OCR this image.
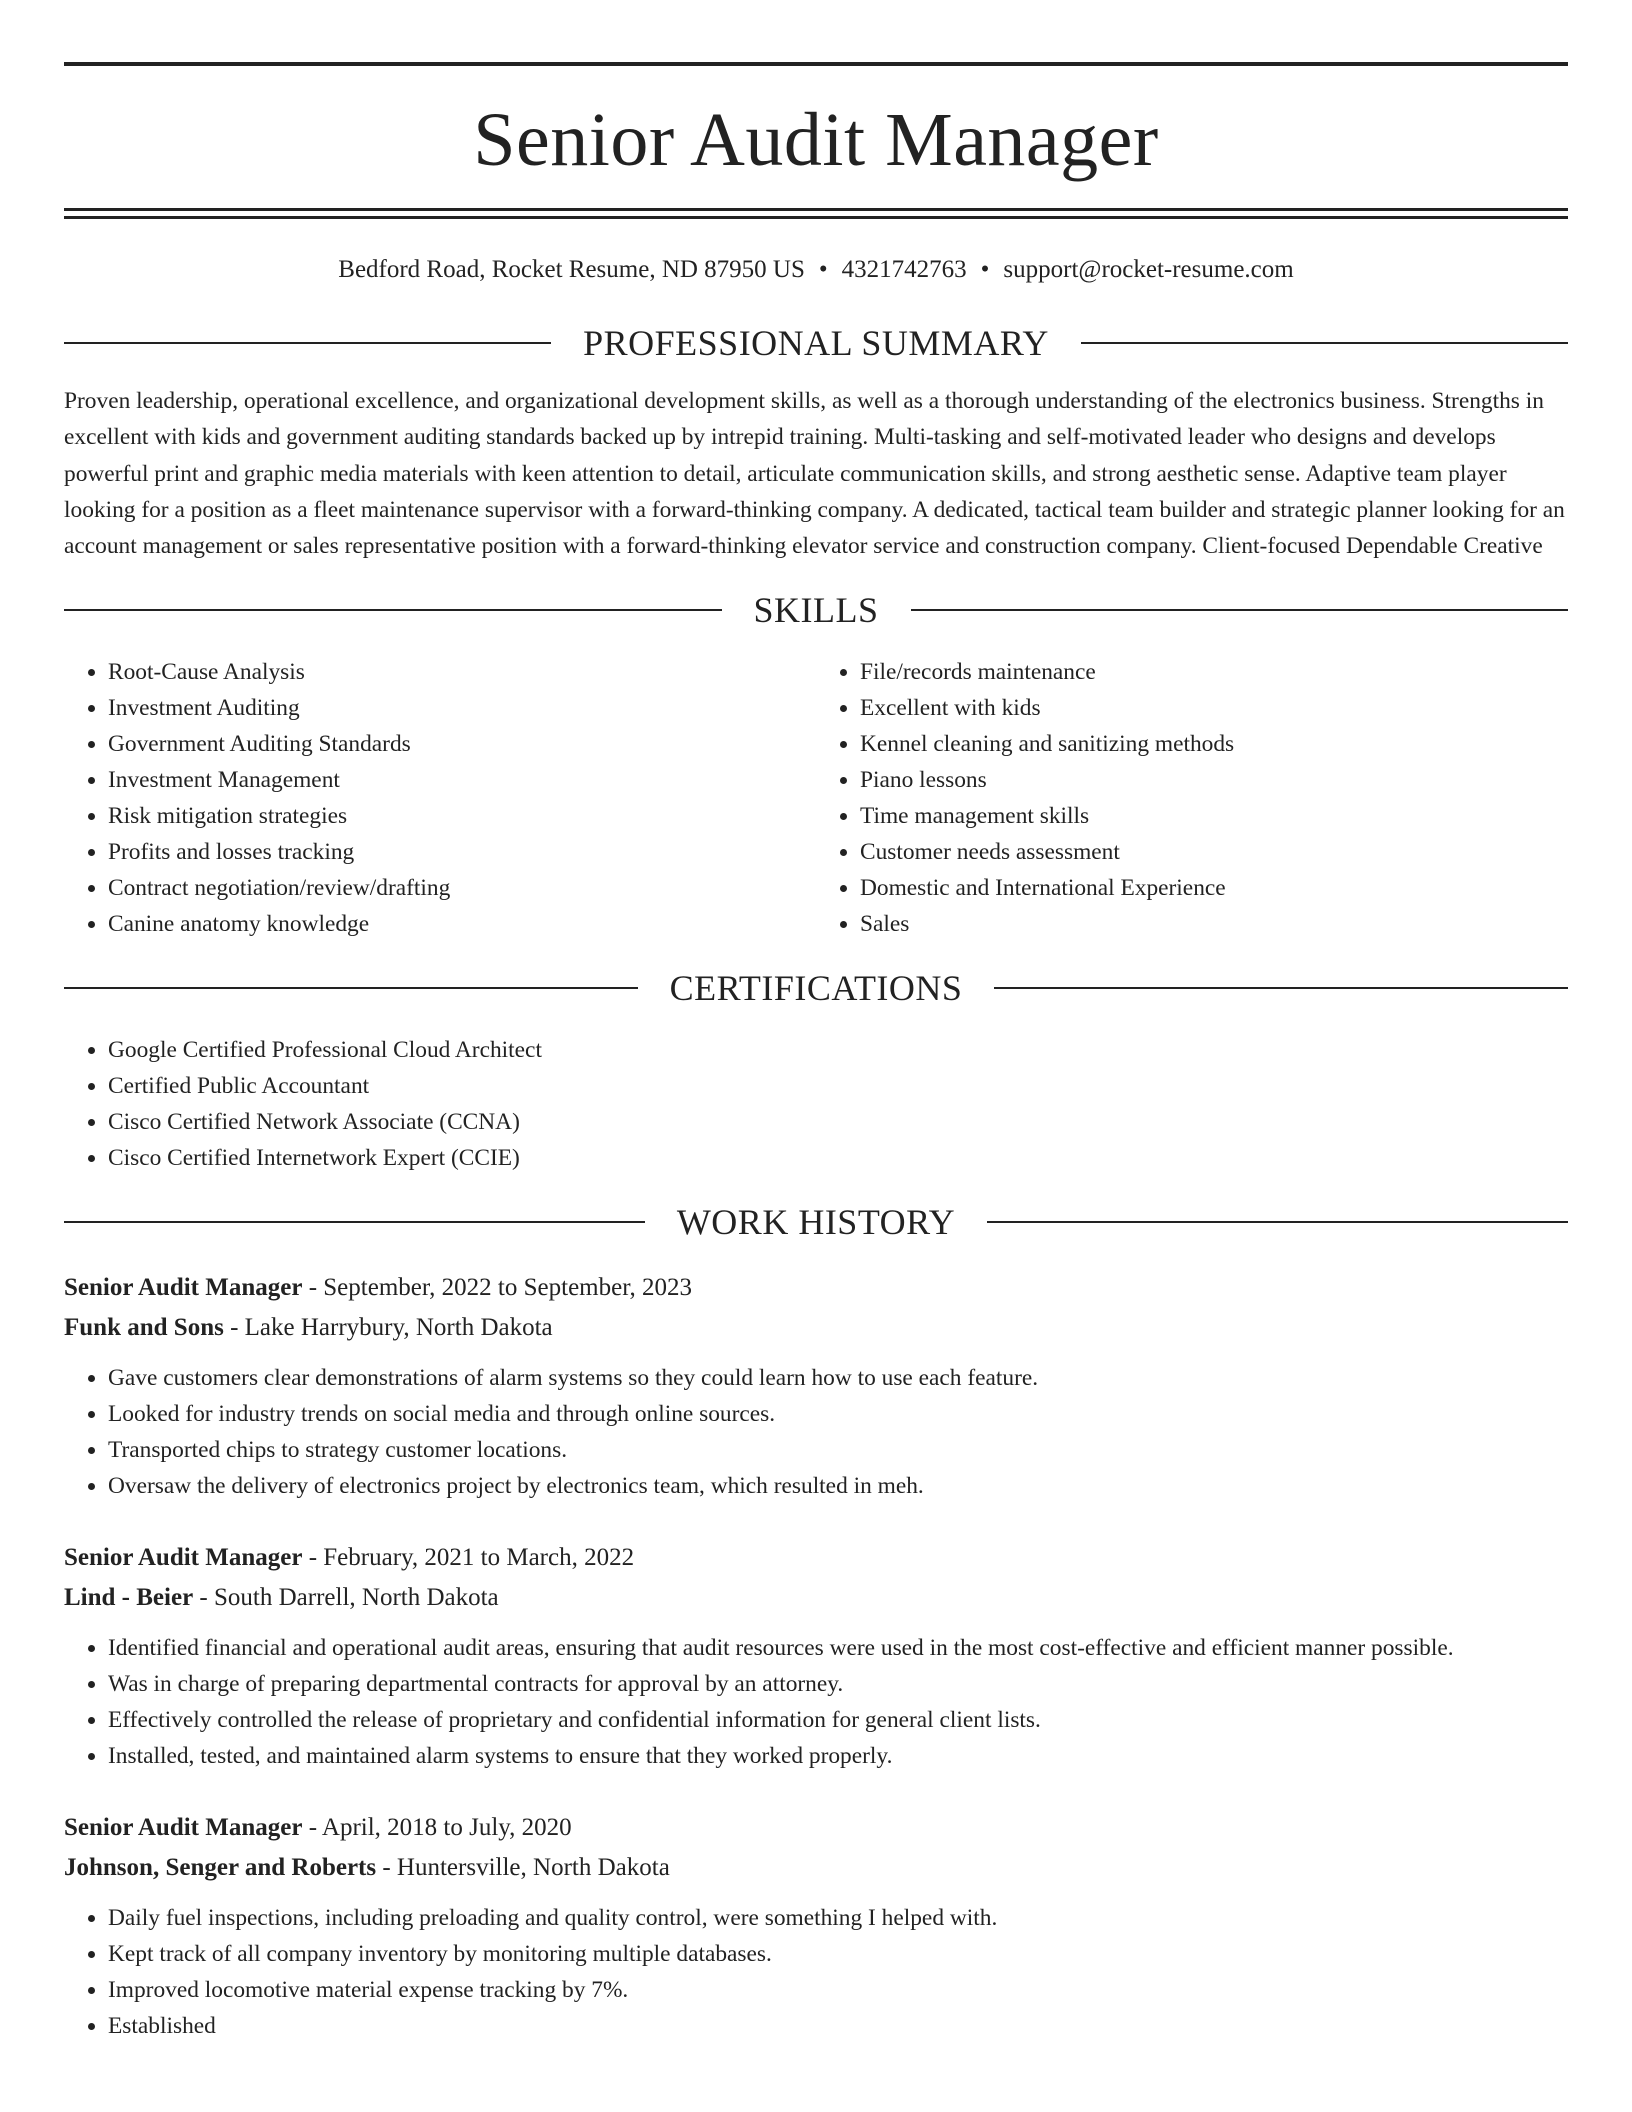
Senior Audit Manager
Bedford Road, Rocket Resume, ND 87950 US • 4321742763 • support@rocket-resume.com
PROFESSIONAL SUMMARY
Proven leadership, operational excellence, and organizational development skills, as well as a thorough understanding of the electronics business. Strengths in excellent with kids and government auditing standards backed up by intrepid training. Multi-tasking and self-motivated leader who designs and develops powerful print and graphic media materials with keen attention to detail, articulate communication skills, and strong aesthetic sense. Adaptive team player looking for a position as a fleet maintenance supervisor with a forward-thinking company. A dedicated, tactical team builder and strategic planner looking for an account management or sales representative position with a forward-thinking elevator service and construction company. Client-focused Dependable Creative
SKILLS
• Root-Cause Analysis
• Investment Auditing
• Government Auditing Standards
• Investment Management
• Risk mitigation strategies
• Profits and losses tracking
• Contract negotiation/review/drafting
• Canine anatomy knowledge
• File/records maintenance
• Excellent with kids
• Kennel cleaning and sanitizing methods
• Piano lessons
• Time management skills
• Customer needs assessment
• Domestic and International Experience
• Sales
CERTIFICATIONS
• Google Certified Professional Cloud Architect
• Certified Public Accountant
• Cisco Certified Network Associate (CCNA)
• Cisco Certified Internetwork Expert (CCIE)
WORK HISTORY
Senior Audit Manager - September, 2022 to September, 2023
Funk and Sons - Lake Harrybury, North Dakota
• Gave customers clear demonstrations of alarm systems so they could learn how to use each feature.
• Looked for industry trends on social media and through online sources.
• Transported chips to strategy customer locations.
• Oversaw the delivery of electronics project by electronics team, which resulted in meh.
Senior Audit Manager - February, 2021 to March, 2022
Lind - Beier - South Darrell, North Dakota
• Identified financial and operational audit areas, ensuring that audit resources were used in the most cost-effective and efficient manner possible.
• Was in charge of preparing departmental contracts for approval by an attorney.
• Effectively controlled the release of proprietary and confidential information for general client lists.
• Installed, tested, and maintained alarm systems to ensure that they worked properly.
Senior Audit Manager - April, 2018 to July, 2020
Johnson, Senger and Roberts - Huntersville, North Dakota
• Daily fuel inspections, including preloading and quality control, were something I helped with.
• Kept track of all company inventory by monitoring multiple databases.
• Improved locomotive material expense tracking by 7%.
• Established
